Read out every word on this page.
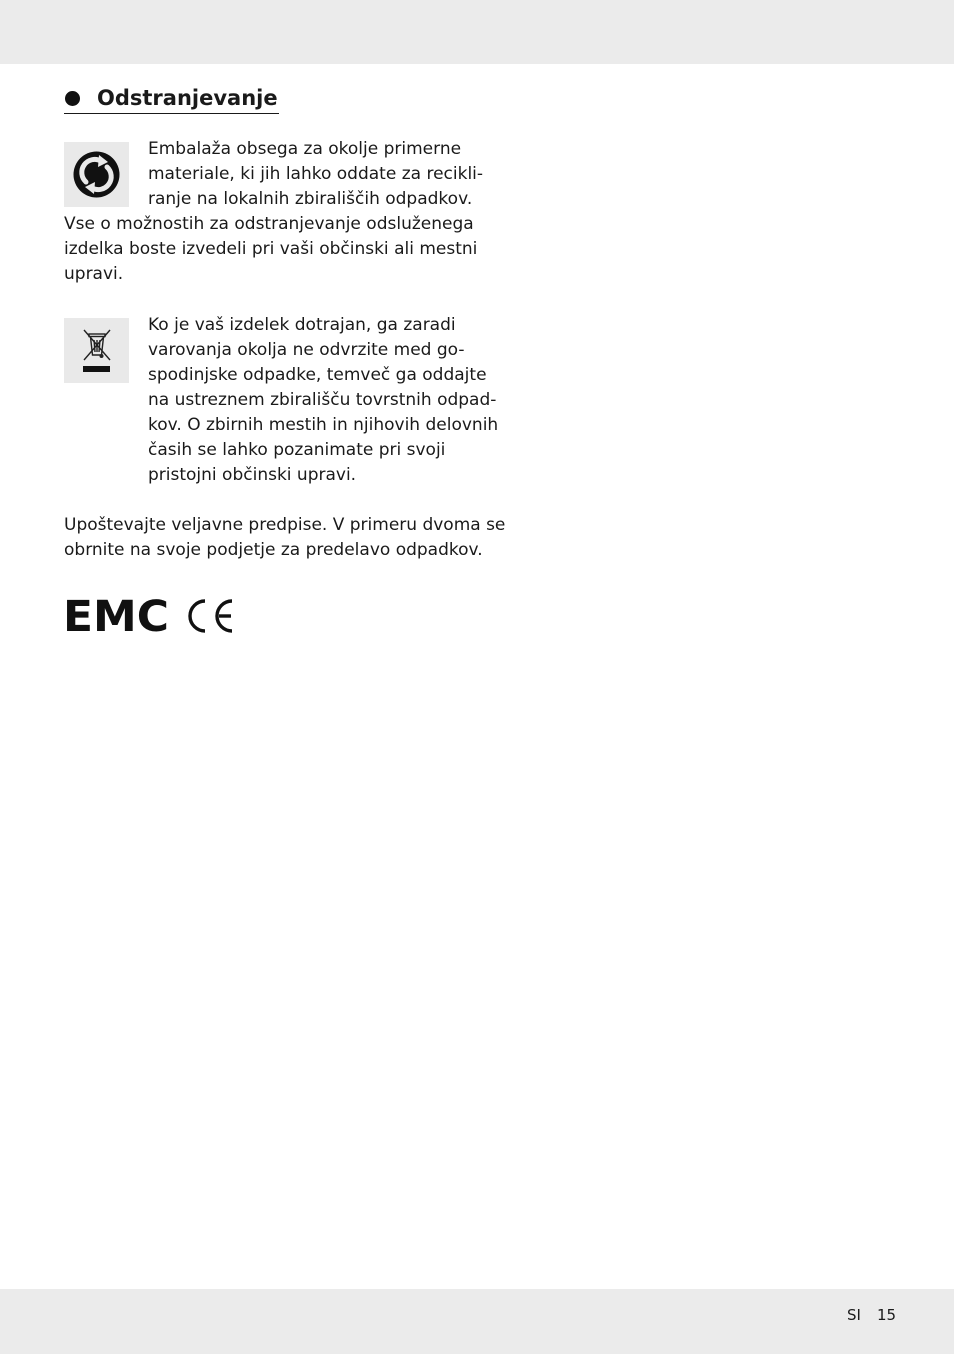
Odstranjevanje
Embalaža obsega za okolje primerne
materiale, ki jih lahko oddate za recikli-
ranje na lokalnih zbirališčih odpadkov.
Vse o možnostih za odstranjevanje odsluženega
izdelka boste izvedeli pri vaši občinski ali mestni
upravi.
Ko je vaš izdelek dotrajan, ga zaradi
varovanja okolja ne odvrzite med go-
spodinjske odpadke, temveč ga oddajte
na ustreznem zbirališču tovrstnih odpad-
kov. O zbirnih mestih in njihovih delovnih
časih se lahko pozanimate pri svoji
pristojni občinski upravi.
Upoštevajte veljavne predpise. V primeru dvoma se
obrnite na svoje podjetje za predelavo odpadkov.
EMC
SI 15
